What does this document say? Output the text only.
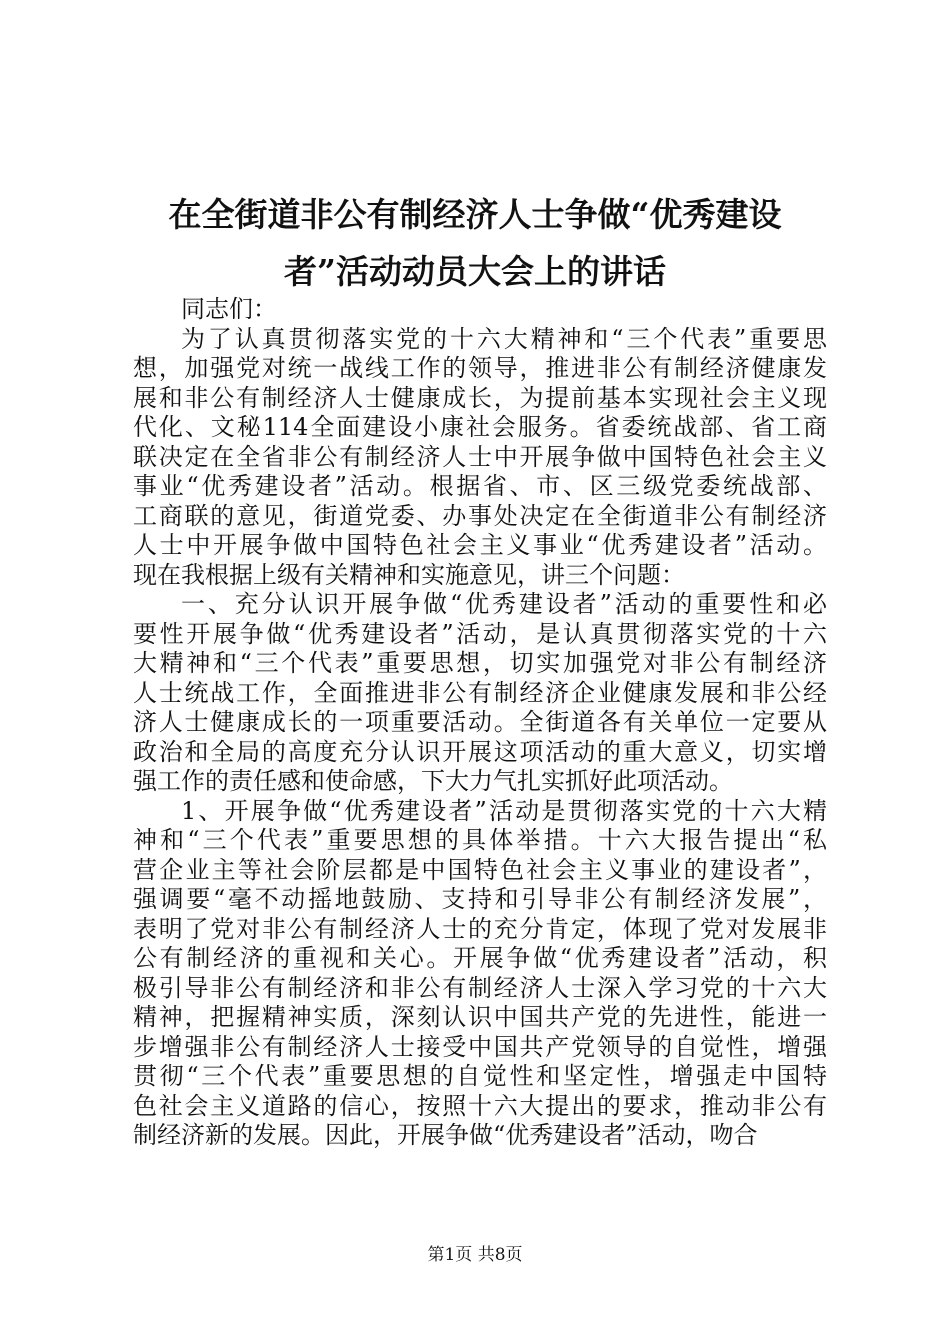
在全街道非公有制经济人士争做“优秀建设
者”活动动员大会上的讲话
同志们：
为了认真贯彻落实党的十六大精神和“三个代表”重要思
想，加强党对统一战线工作的领导，推进非公有制经济健康发
展和非公有制经济人士健康成长，为提前基本实现社会主义现
代化、文秘114全面建设小康社会服务。省委统战部、省工商
联决定在全省非公有制经济人士中开展争做中国特色社会主义
事业“优秀建设者”活动。根据省、市、区三级党委统战部、
工商联的意见，街道党委、办事处决定在全街道非公有制经济
人士中开展争做中国特色社会主义事业“优秀建设者”活动。
现在我根据上级有关精神和实施意见，讲三个问题：
一、充分认识开展争做“优秀建设者”活动的重要性和必
要性开展争做“优秀建设者”活动，是认真贯彻落实党的十六
大精神和“三个代表”重要思想，切实加强党对非公有制经济
人士统战工作，全面推进非公有制经济企业健康发展和非公经
济人士健康成长的一项重要活动。全街道各有关单位一定要从
政治和全局的高度充分认识开展这项活动的重大意义，切实增
强工作的责任感和使命感，下大力气扎实抓好此项活动。
1、开展争做“优秀建设者”活动是贯彻落实党的十六大精
神和“三个代表”重要思想的具体举措。十六大报告提出“私
营企业主等社会阶层都是中国特色社会主义事业的建设者”，
强调要“毫不动摇地鼓励、支持和引导非公有制经济发展”，
表明了党对非公有制经济人士的充分肯定，体现了党对发展非
公有制经济的重视和关心。开展争做“优秀建设者”活动，积
极引导非公有制经济和非公有制经济人士深入学习党的十六大
精神，把握精神实质，深刻认识中国共产党的先进性，能进一
步增强非公有制经济人士接受中国共产党领导的自觉性，增强
贯彻“三个代表”重要思想的自觉性和坚定性，增强走中国特
色社会主义道路的信心，按照十六大提出的要求，推动非公有
制经济新的发展。因此，开展争做“优秀建设者”活动，吻合
第1页 共8页
